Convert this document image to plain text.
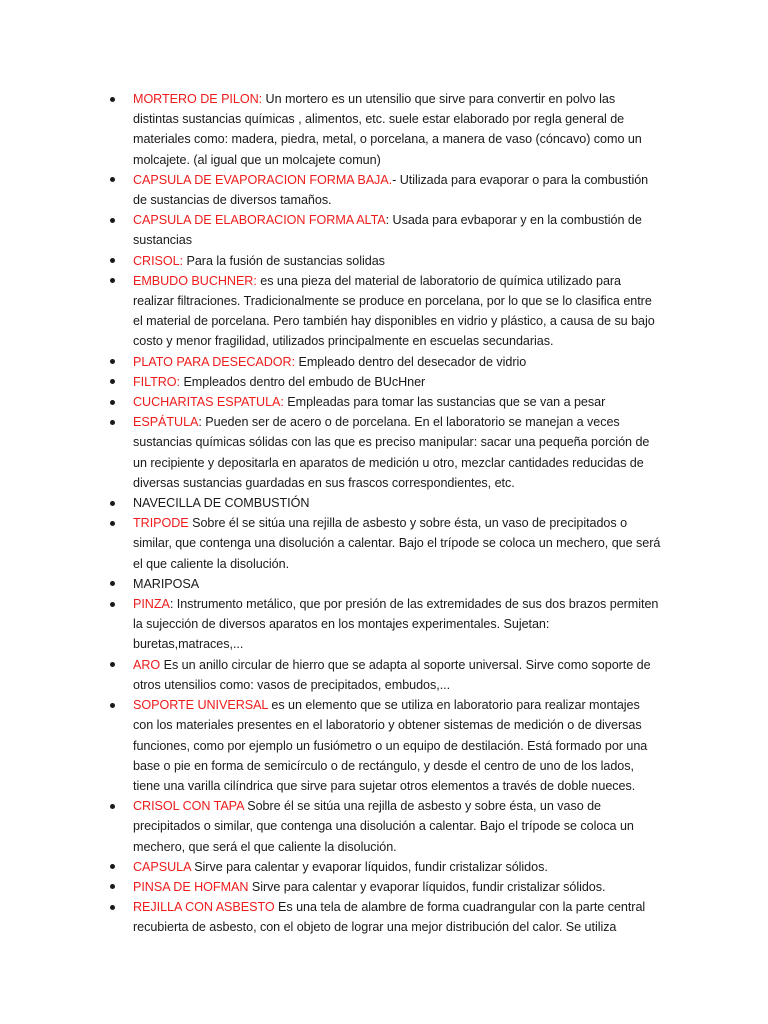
MORTERO DE PILON: Un mortero es un utensilio que sirve para convertir en polvo las distintas sustancias químicas , alimentos, etc. suele estar elaborado por regla general de materiales como: madera, piedra, metal, o porcelana, a manera de vaso (cóncavo) como un molcajete. (al igual que un molcajete comun)
CAPSULA DE EVAPORACION FORMA BAJA.- Utilizada para evaporar o para la combustión de sustancias de diversos tamaños.
CAPSULA DE ELABORACION FORMA ALTA: Usada para evbaporar y en la combustión de sustancias
CRISOL: Para la fusión de sustancias solidas
EMBUDO BUCHNER: es una pieza del material de laboratorio de química utilizado para realizar filtraciones. Tradicionalmente se produce en porcelana, por lo que se lo clasifica entre el material de porcelana. Pero también hay disponibles en vidrio y plástico, a causa de su bajo costo y menor fragilidad, utilizados principalmente en escuelas secundarias.
PLATO PARA DESECADOR: Empleado dentro del desecador de vidrio
FILTRO: Empleados dentro del embudo de BUcHner
CUCHARITAS ESPATULA: Empleadas para tomar las sustancias que se van a pesar
ESPÁTULA: Pueden ser de acero o de porcelana. En el laboratorio se manejan a veces sustancias químicas sólidas con las que es preciso manipular: sacar una pequeña porción de un recipiente y depositarla en aparatos de medición u otro, mezclar cantidades reducidas de diversas sustancias guardadas en sus frascos correspondientes, etc.
NAVECILLA DE COMBUSTIÓN
TRIPODE Sobre él se sitúa una rejilla de asbesto y sobre ésta, un vaso de precipitados o similar, que contenga una disolución a calentar. Bajo el trípode se coloca un mechero, que será el que caliente la disolución.
MARIPOSA
PINZA: Instrumento metálico, que por presión de las extremidades de sus dos brazos permiten la sujección de diversos aparatos en los montajes experimentales. Sujetan: buretas,matraces,...
ARO Es un anillo circular de hierro que se adapta al soporte universal. Sirve como soporte de otros utensilios como: vasos de precipitados, embudos,...
SOPORTE UNIVERSAL es un elemento que se utiliza en laboratorio para realizar montajes con los materiales presentes en el laboratorio y obtener sistemas de medición o de diversas funciones, como por ejemplo un fusiómetro o un equipo de destilación. Está formado por una base o pie en forma de semicírculo o de rectángulo, y desde el centro de uno de los lados, tiene una varilla cilíndrica que sirve para sujetar otros elementos a través de doble nueces.
CRISOL CON TAPA Sobre él se sitúa una rejilla de asbesto y sobre ésta, un vaso de precipitados o similar, que contenga una disolución a calentar. Bajo el trípode se coloca un mechero, que será el que caliente la disolución.
CAPSULA Sirve para calentar y evaporar líquidos, fundir cristalizar sólidos.
PINSA DE HOFMAN Sirve para calentar y evaporar líquidos, fundir cristalizar sólidos.
REJILLA CON ASBESTO Es una tela de alambre de forma cuadrangular con la parte central recubierta de asbesto, con el objeto de lograr una mejor distribución del calor. Se utiliza
